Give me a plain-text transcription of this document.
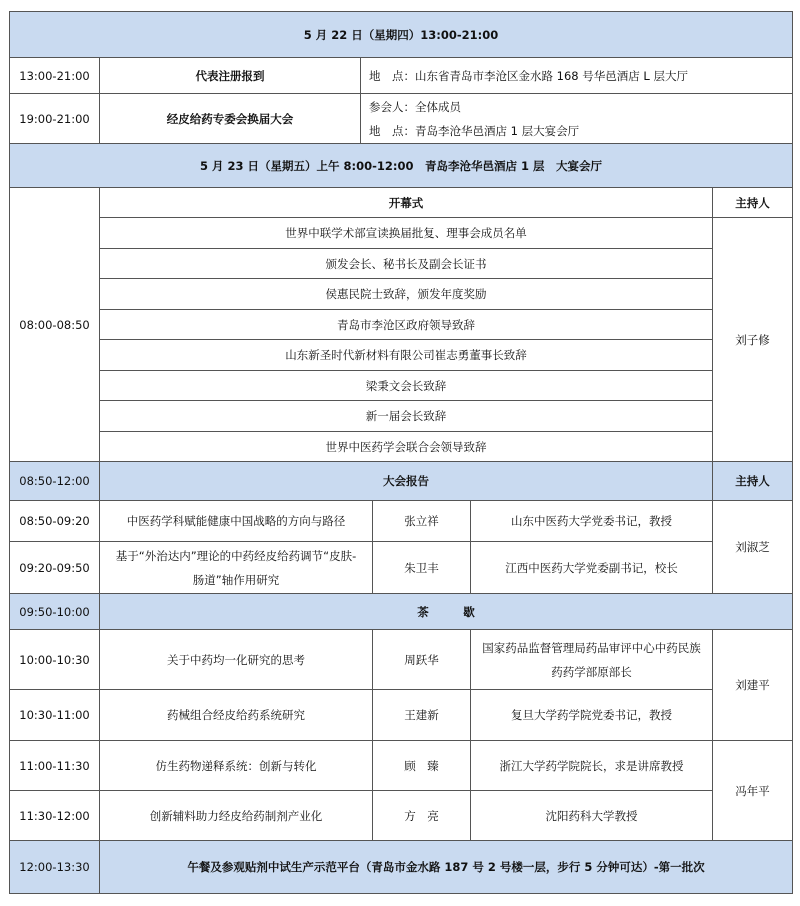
5 月 22 日（星期四）13:00-21:00					
13:00-21:00	代表注册报到	地　点：山东省青岛市李沧区金水路 168 号华邑酒店 L 层大厅			
19:00-21:00	经皮给药专委会换届大会	参会人：全体成员
地　点：青岛李沧华邑酒店 1 层大宴会厅			

5 月 23 日（星期五）上午 8:00-12:00　青岛李沧华邑酒店 1 层　大宴会厅					
08:00-08:50	开幕式				主持人
	世界中联学术部宣读换届批复、理事会成员名单				刘子修
	颁发会长、秘书长及副会长证书				
	侯惠民院士致辞，颁发年度奖励				
	青岛市李沧区政府领导致辞				
	山东新圣时代新材料有限公司崔志勇董事长致辞				
	梁秉文会长致辞				
	新一届会长致辞				
	世界中医药学会联合会领导致辞				
08:50-12:00	大会报告				主持人
08:50-09:20	中医药学科赋能健康中国战略的方向与路径		张立祥	山东中医药大学党委书记，教授	刘淑芝
09:20-09:50	基于“外治达内”理论的中药经皮给药调节“皮肤-肠道”轴作用研究		朱卫丰	江西中医药大学党委副书记，校长	
09:50-10:00	茶　　　歇				
10:00-10:30	关于中药均一化研究的思考		周跃华	国家药品监督管理局药品审评中心中药民族药药学部原部长	刘建平
10:30-11:00	药械组合经皮给药系统研究		王建新	复旦大学药学院党委书记，教授	
11:00-11:30	仿生药物递释系统：创新与转化		顾　臻	浙江大学药学院院长，求是讲席教授	冯年平
11:30-12:00	创新辅料助力经皮给药制剂产业化		方　亮	沈阳药科大学教授	
12:00-13:30	午餐及参观贴剂中试生产示范平台（青岛市金水路 187 号 2 号楼一层，步行 5 分钟可达）-第一批次				
